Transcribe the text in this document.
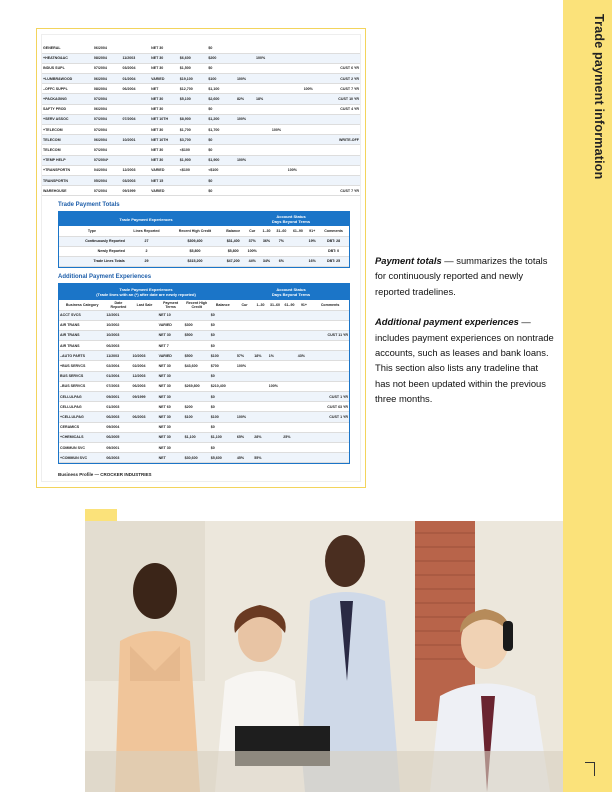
Trade payment information
GENERAL	06/2004		NET 30		$0						
+HEATNG&AC	08/2004	11/2003	NET 30	$6,600	$200		100%				
INDUS SUPL	07/2004	03/2004	NET 30	$1,500	$0						CUST 6 YR
+LUMBR&WOOD	06/2004	01/2004	VARIED	$19,100	$100	100%					CUST 2 YR
–OFFC SUPPL	08/2004	06/2004	NET	$12,700	$1,100					100%	CUST 7 YR
+PACKAGING	07/2004		NET 30	$5,100	$2,600	82%	18%				CUST 10 YR
SAFTY PROD	06/2004		NET 30		$0						CUST 4 YR
+SERV ASSOC	07/2004	07/2004	NET 10TH	$8,900	$1,200	100%					
+TELECOM	07/2004		NET 30	$1,700	$1,700			100%			
TELECOM	06/2004	10/2001	NET 10TH	$3,700	$0						WRITE-OFF
TELECOM	07/2004		NET 30	<$100	$0						
+TEMP HELP	07/2004*		NET 30	$1,900	$1,900	100%					
+TRANSPORTN	04/2004	12/2003	VARIED	<$100	<$100				100%		
TRANSPORTN	05/2004	03/2003	NET 15		$0						
WAREHOUSE	07/2004	09/1999	VARIED		$0						CUST 7 YR
Trade Payment Totals
Trade Payment Experiences	Account Status
Days Beyond Terms
Type	Lines Reported	Recent High Credit	Balance	Cur	1–30	31–60	61–90	91+	Comments
Continuously Reported	27	$309,400	$31,400	37%	36%	7%		19%	DBT: 28
Newly Reported	2	$5,800	$5,800	100%					DBT: 0
Trade Lines Totals	29	$315,200	$47,200	44%	34%	6%		16%	DBT: 25
Additional Payment Experiences
Trade Payment Experiences
(Trade lines with an (*) after date are newly reported)
Account Status
Days Beyond Terms
Business Category	Date Reported	Last Sale	Payment Terms	Recent High Credit	Balance	Cur	1–30	31–60	61–90	91+	Comments
ACCT SVCS	12/2001		NET 10		$0						
AIR TRANS	10/2002		VARIED	$300	$0						
AIR TRANS	10/2003		NET 30	$500	$0						CUST 11 YR
AIR TRANS	06/2003		NET 7		$0						
–AUTO PARTS	11/2003	10/2003	VARIED	$500	$100	57%	18%	1%		43%	
+BUS SERVCS	02/2004	02/2004	NET 30	$43,600	$700	100%					
BUS SERVCS	01/2004	12/2003	NET 30		$0						
–BUS SERVCS	07/2003	06/2003	NET 30	$269,800	$210,400			100%			
CELLULPAG	09/2001	09/1999	NET 30		$0						CUST 1 YR
CELLULPAG	01/2003		NET 60	$200	$0						CUST 63 YR
+CELLULPAG	06/2003	06/2003	NET 30	$100	$100	100%					CUST 1 YR
CERAMICS	09/2004		NET 30		$0						
+CHEMICALS	06/2005		NET 30	$1,100	$1,100	65%	28%		25%		
COMMUN SVC	09/2001		NET 30		$0						
+COMMUN SVC	06/2003		NET	$30,600	$5,600	45%	55%				
Business Profile — CROCKER INDUSTRIES

Payment totals — summarizes the totals for continuously reported and newly reported tradelines.

Additional payment experiences — includes payment experiences on nontrade accounts, such as leases and bank loans. This section also lists any tradeline that has not been updated within the previous three months.
